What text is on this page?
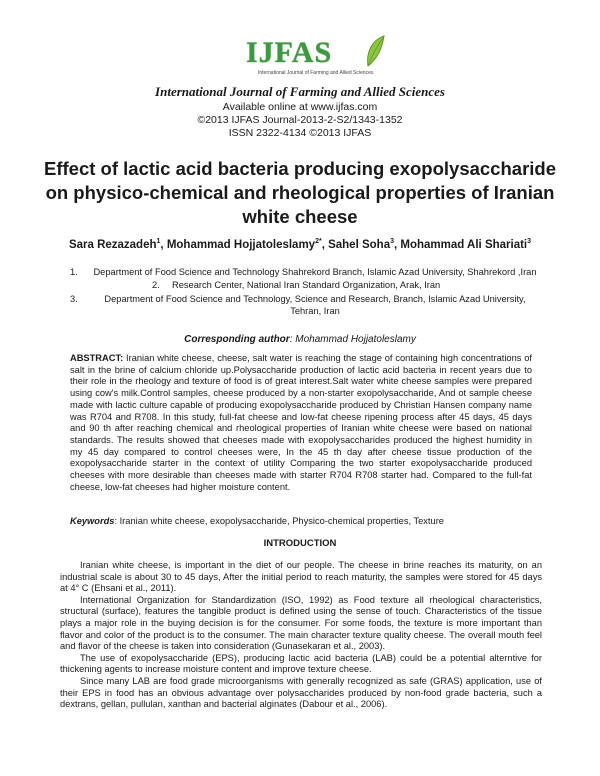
IJFAS
International Journal of Farming and Allied Sciences
International Journal of Farming and Allied Sciences
Available online at www.ijfas.com
©2013 IJFAS Journal-2013-2-S2/1343-1352
ISSN 2322-4134 ©2013 IJFAS
Effect of lactic acid bacteria producing exopolysaccharide on physico-chemical and rheological properties of Iranian white cheese
Sara Rezazadeh$^1$, Mohammad Hojjatoleslamy$^{2*}$, Sahel Soha$^3$, Mohammad Ali Shariati$^3$
1.	Department of Food Science and Technology Shahrekord Branch, Islamic Azad University, Shahrekord ,Iran
2.	Research Center, National Iran Standard Organization, Arak, Iran
3.	Department of Food Science and Technology, Science and Research, Branch, Islamic Azad University, Tehran, Iran
Corresponding author: Mohammad Hojjatoleslamy
ABSTRACT: Iranian white cheese, cheese, salt water is reaching the stage of containing high concentrations of salt in the brine of calcium chloride up.Polysaccharide production of lactic acid bacteria in recent years due to their role in the rheology and texture of food is of great interest.Salt water white cheese samples were prepared using cow's milk.Control samples, cheese produced by a non-starter exopolysaccharide, And ot sample cheese made with lactic culture capable of producing exopolysaccharide produced by Christian Hansen company name was R704 and R708. In this study, full-fat cheese and low-fat cheese ripening process after 45 days, 45 days and 90 th after reaching chemical and rheological properties of Iranian white cheese were based on national standards. The results showed that cheeses made with exopolysaccharides produced the highest humidity in my 45 day compared to control cheeses were, In the 45 th day after cheese tissue production of the exopolysaccharide starter in the context of utility Comparing the two starter exopolysaccharide produced cheeses with more desirable than cheeses made with starter R704 R708 starter had. Compared to the full-fat cheese, low-fat cheeses had higher moisture content.
Keywords: Iranian white cheese, exopolysaccharide, Physico-chemical properties, Texture
INTRODUCTION

Iranian white cheese, is important in the diet of our people. The cheese in brine reaches its maturity, on an industrial scale is about 30 to 45 days, After the initial period to reach maturity, the samples were stored for 45 days at 4° C (Ehsani et al., 2011).

International Organization for Standardization (ISO, 1992) as Food texture all rheological characteristics, structural (surface), features the tangible product is defined using the sense of touch. Characteristics of the tissue plays a major role in the buying decision is for the consumer. For some foods, the texture is more important than flavor and color of the product is to the consumer. The main character texture quality cheese. The overall mouth feel and flavor of the cheese is taken into consideration (Gunasekaran et al., 2003).

The use of exopolysaccharide (EPS), producing lactic acid bacteria (LAB) could be a potential alterntive for thickening agents to increase moisture content and improve texture cheese.

Since many LAB are food grade microorganisms with generally recognized as safe (GRAS) application, use of their EPS in food has an obvious advantage over polysaccharides produced by non-food grade bacteria, such a dextrans, gellan, pullulan, xanthan and bacterial alginates (Dabour et al., 2006).
